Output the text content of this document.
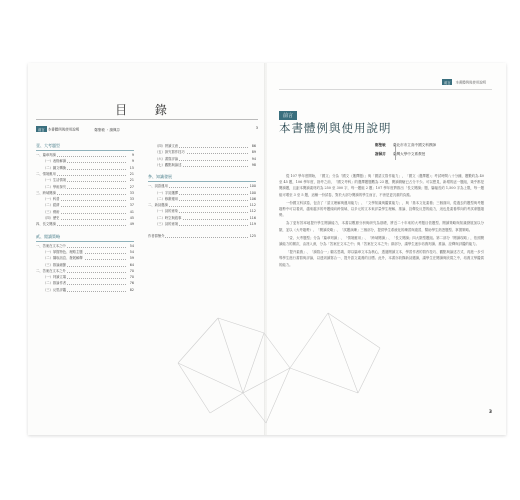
目 錄
前言 本書體例與使用說明	鄭聖敏 ・謝佩芬	3
壹、大考題型
一、篇章判讀	9
（一）表格解讀	9
（二）圖文轉換	15
二、情境應用	21
（一）生活情境	21
（二）學術探究	27
三、跨域閱讀	33
（一）科普	33
（二）經濟	37
（三）藝術	41
（四）歷史	45
四、長文閱讀	49
貳、閱讀策略
一、答案在文本之中	54
（一）掌握特色、理路主題	54
（二）擷取訊息、發展解釋	59
（三）推論細節	64
二、答案在文本之外	70
（一）判讀立場	70
（二）推論作者	76
（三）反思評鑑	82
（四）拼讀文意	86
（五）探究寫作技巧	89
（六）書寫評論	94
（七）觀點與論述	98
參、知識發展
一、詞語運用	100
（一）字詞選擇	100
（二）修辭運用	106
二、新詩選讀	112
（一）詩的意象	112
（二）時空與敘事	116
（三）詩的意境	119
作者群簡介	125
前言 本書體例與使用說明
前言
本書體例與使用說明
鄭聖敏 臺北市市立高中國文科教師
謝佩芬 臺灣大學中文系教授

從 107 學年度開始，「國文」分為「國文（選擇題）」與「國語文寫作能力」，「國文（選擇題）」考試時間八十分鐘，題數約為 40 至 45 題，106 學年度，指考之前，「國文考科」的選擇題題數為 23 題，閱讀測驗已占分不少。可以想見，新增的這一題組，幾乎都是閱讀題，且距本閱讀素材約為 250 至 300 字，每一題組 2 題；107 學年度將推出「長文閱讀」題，篇幅長約 1,500 字為上限，每一題組可增至 3 至 5 題，這種一份試卷，對於大部分閱讀的學生而言，不啻是更沉重的負擔。

一份國文科試卷，包含了「語文理解與運用能力」、「文學知識與鑑賞能力」，與「基本文化素養」三個面向，從過去的題型與考題趨勢中可以看到，越來越多的考題傾向跨領域、以多元的文本來評量學生理解、推論、詮釋及反思的能力，這也是素養導向的考試命題趨勢。

為了更有效率地提升學生閱讀能力，本書以數據分析與研究為基礎，將近二十年來的大考題目依題型、閱讀策略與知識發展加以分類，並以《大考趨勢》、「閱讀攻略」、「試題演練」三個部分，提供學生系統化的練習與複習，幫助學生熟悉題型、掌握策略。

「壹、大考題型」分為「篇章判讀」、「情境應用」、「跨域閱讀」、「長文閱讀」四大類型題組。第二部分「閱讀攻略」，依照閱讀能力的層次，由淺入深，分為「答案在文本之中」與「答案在文本之外」兩部分，讓學生逐步培養判讀、推論、詮釋與評鑑的能力。

「提升素養」、「讀寫合一」顧名思義，即以篇章文本為核心，透過閱讀文本，學習作者的寫作技巧、觀點與論述方式，再進一步引導學生進行書寫與評論，以達到讀寫合一、提升語文素養的目標。此外，本書亦收錄新詩選讀，讓學生在閱讀與欣賞之中，培養文學鑑賞的能力。

3
